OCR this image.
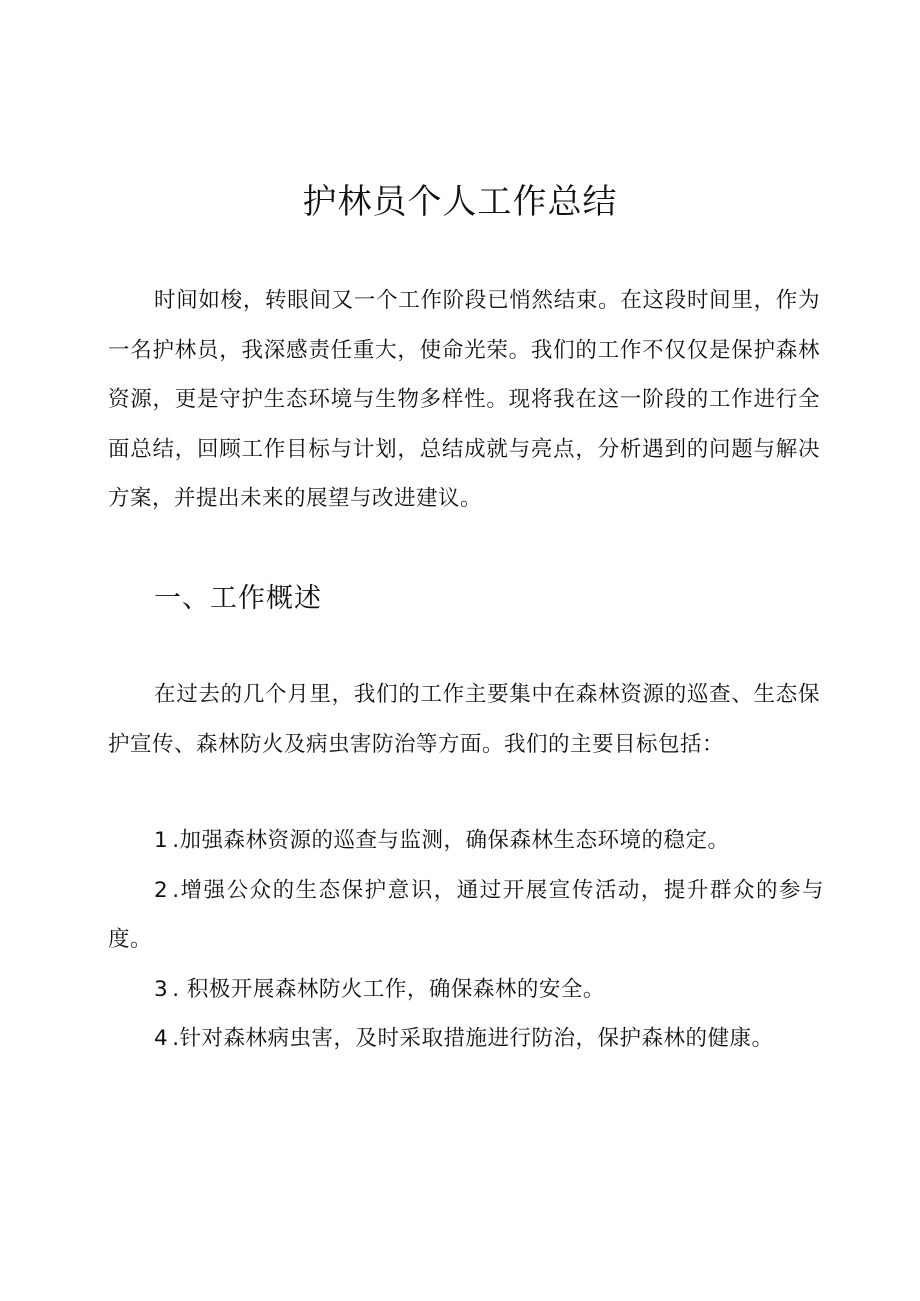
护林员个人工作总结

时间如梭，转眼间又一个工作阶段已悄然结束。在这段时间里，作为一名护林员，我深感责任重大，使命光荣。我们的工作不仅仅是保护森林资源，更是守护生态环境与生物多样性。现将我在这一阶段的工作进行全面总结，回顾工作目标与计划，总结成就与亮点，分析遇到的问题与解决方案，并提出未来的展望与改进建议。

一、工作概述

在过去的几个月里，我们的工作主要集中在森林资源的巡查、生态保护宣传、森林防火及病虫害防治等方面。我们的主要目标包括：

1 .加强森林资源的巡查与监测，确保森林生态环境的稳定。
2 .增强公众的生态保护意识，通过开展宣传活动，提升群众的参与度。
3 . 积极开展森林防火工作，确保森林的安全。
4 .针对森林病虫害，及时采取措施进行防治，保护森林的健康。
